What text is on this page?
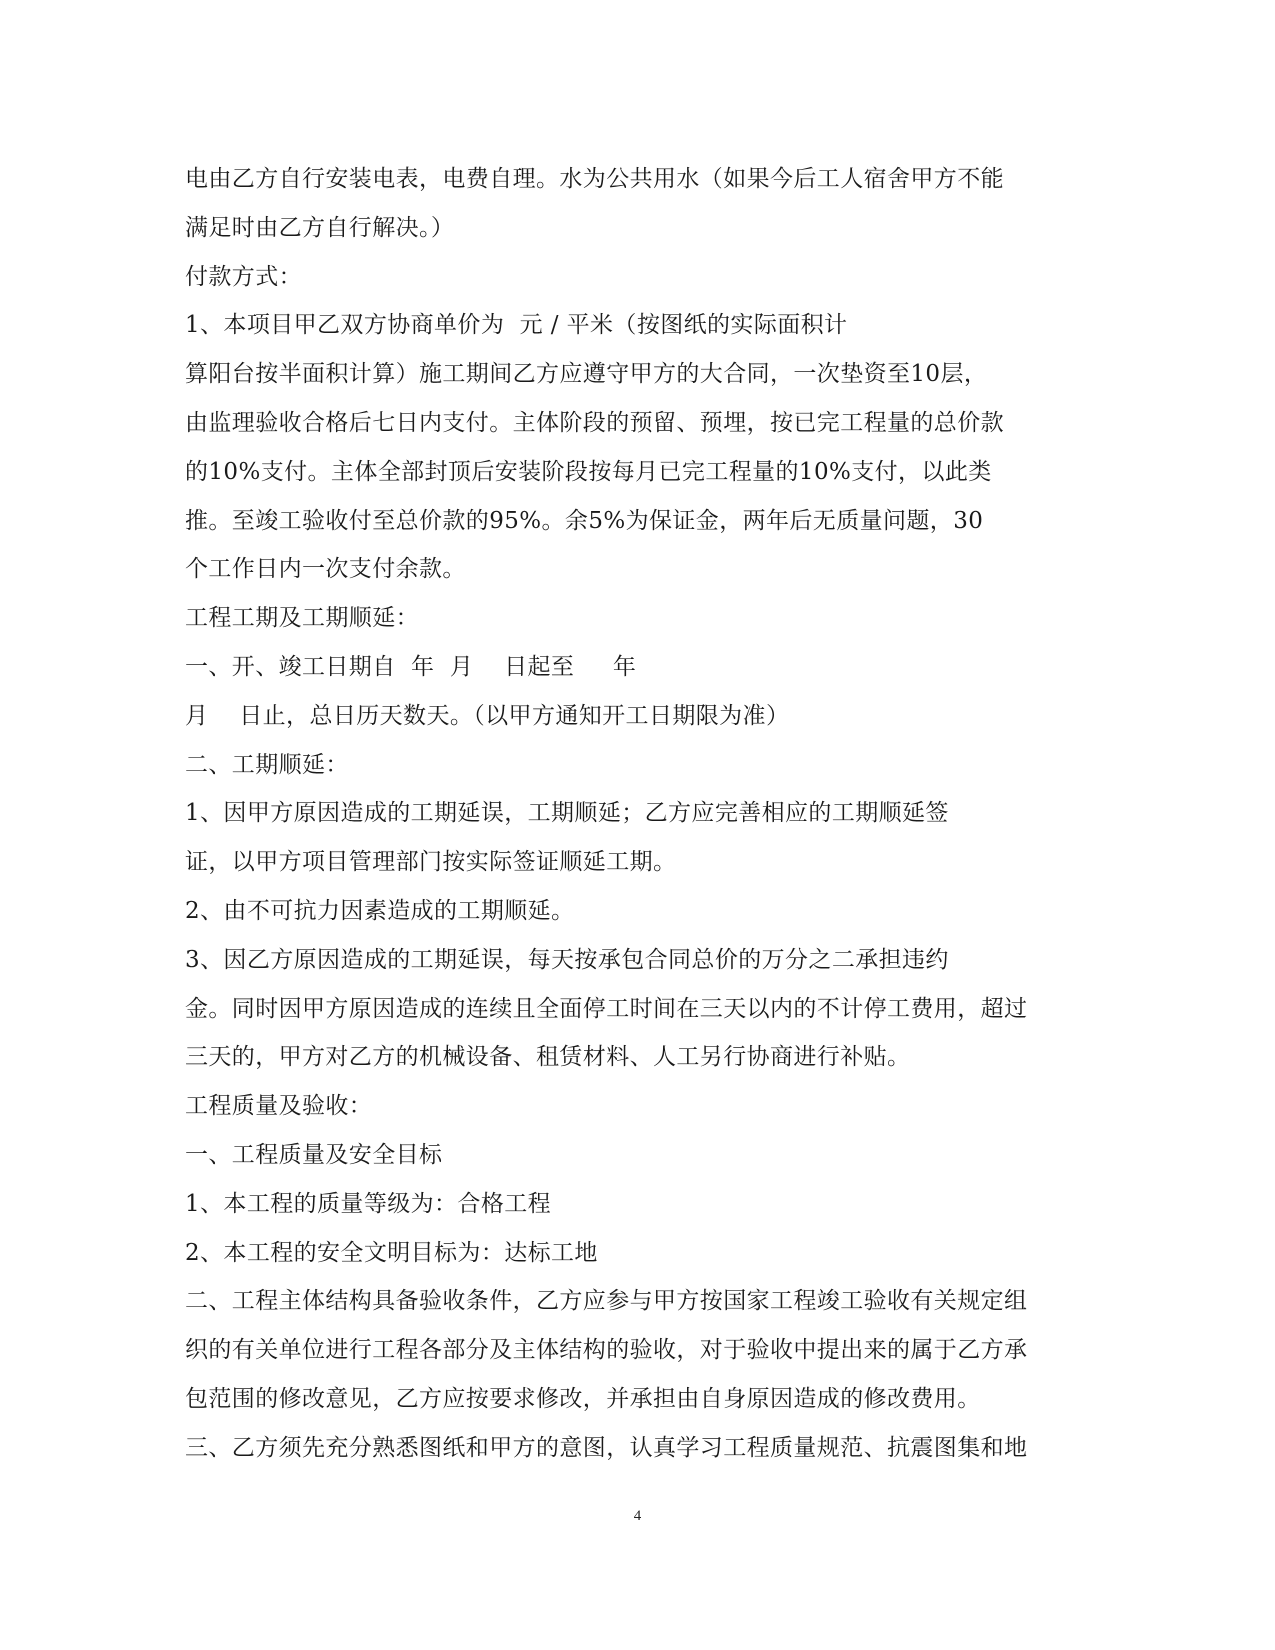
电由乙方自行安装电表，电费自理。水为公共用水（如果今后工人宿舍甲方不能
满足时由乙方自行解决。）
付款方式：
1、本项目甲乙双方协商单价为  元 / 平米（按图纸的实际面积计
算阳台按半面积计算）施工期间乙方应遵守甲方的大合同，一次垫资至10层，
由监理验收合格后七日内支付。主体阶段的预留、预埋，按已完工程量的总价款
的10%支付。主体全部封顶后安装阶段按每月已完工程量的10%支付，以此类
推。至竣工验收付至总价款的95%。余5%为保证金，两年后无质量问题，30
个工作日内一次支付余款。
工程工期及工期顺延：
一、开、竣工日期自  年  月    日起至     年
月    日止，总日历天数天。（以甲方通知开工日期限为准）
二、工期顺延：
1、因甲方原因造成的工期延误，工期顺延；乙方应完善相应的工期顺延签
证，以甲方项目管理部门按实际签证顺延工期。
2、由不可抗力因素造成的工期顺延。
3、因乙方原因造成的工期延误，每天按承包合同总价的万分之二承担违约
金。同时因甲方原因造成的连续且全面停工时间在三天以内的不计停工费用，超过
三天的，甲方对乙方的机械设备、租赁材料、人工另行协商进行补贴。
工程质量及验收：
一、工程质量及安全目标
1、本工程的质量等级为：合格工程
2、本工程的安全文明目标为：达标工地
二、工程主体结构具备验收条件，乙方应参与甲方按国家工程竣工验收有关规定组
织的有关单位进行工程各部分及主体结构的验收，对于验收中提出来的属于乙方承
包范围的修改意见，乙方应按要求修改，并承担由自身原因造成的修改费用。
三、乙方须先充分熟悉图纸和甲方的意图，认真学习工程质量规范、抗震图集和地
4
